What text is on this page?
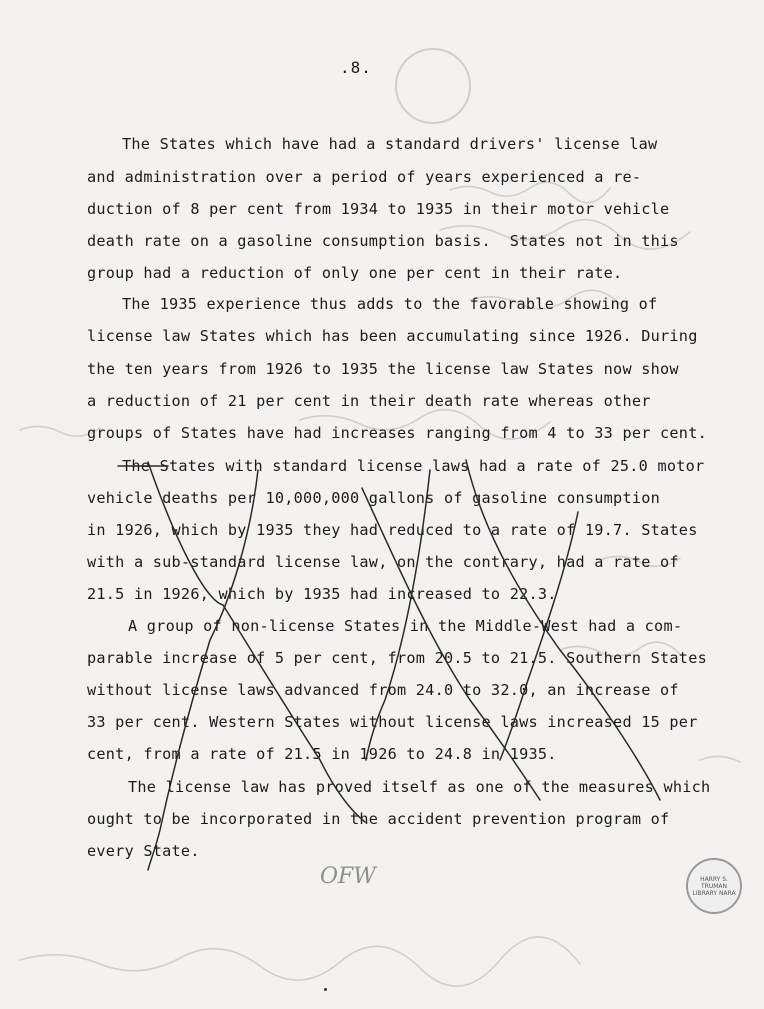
.8.
The States which have had a standard drivers' license law
and administration over a period of years experienced a re-
duction of 8 per cent from 1934 to 1935 in their motor vehicle
death rate on a gasoline consumption basis.  States not in this
group had a reduction of only one per cent in their rate.
The 1935 experience thus adds to the favorable showing of
license law States which has been accumulating since 1926. During
the ten years from 1926 to 1935 the license law States now show
a reduction of 21 per cent in their death rate whereas other
groups of States have had increases ranging from 4 to 33 per cent.
The States with standard license laws had a rate of 25.0 motor
vehicle deaths per 10,000,000 gallons of gasoline consumption
in 1926, which by 1935 they had reduced to a rate of 19.7. States
with a sub-standard license law, on the contrary, had a rate of
21.5 in 1926, which by 1935 had increased to 22.3.
A group of non-license States in the Middle-West had a com-
parable increase of 5 per cent, from 20.5 to 21.5. Southern States
without license laws advanced from 24.0 to 32.0, an increase of
33 per cent. Western States without license laws increased 15 per
cent, from a rate of 21.5 in 1926 to 24.8 in 1935.
The license law has proved itself as one of the measures which
ought to be incorporated in the accident prevention program of
every State.
OFW	HARRY S. TRUMAN LIBRARY NARA
